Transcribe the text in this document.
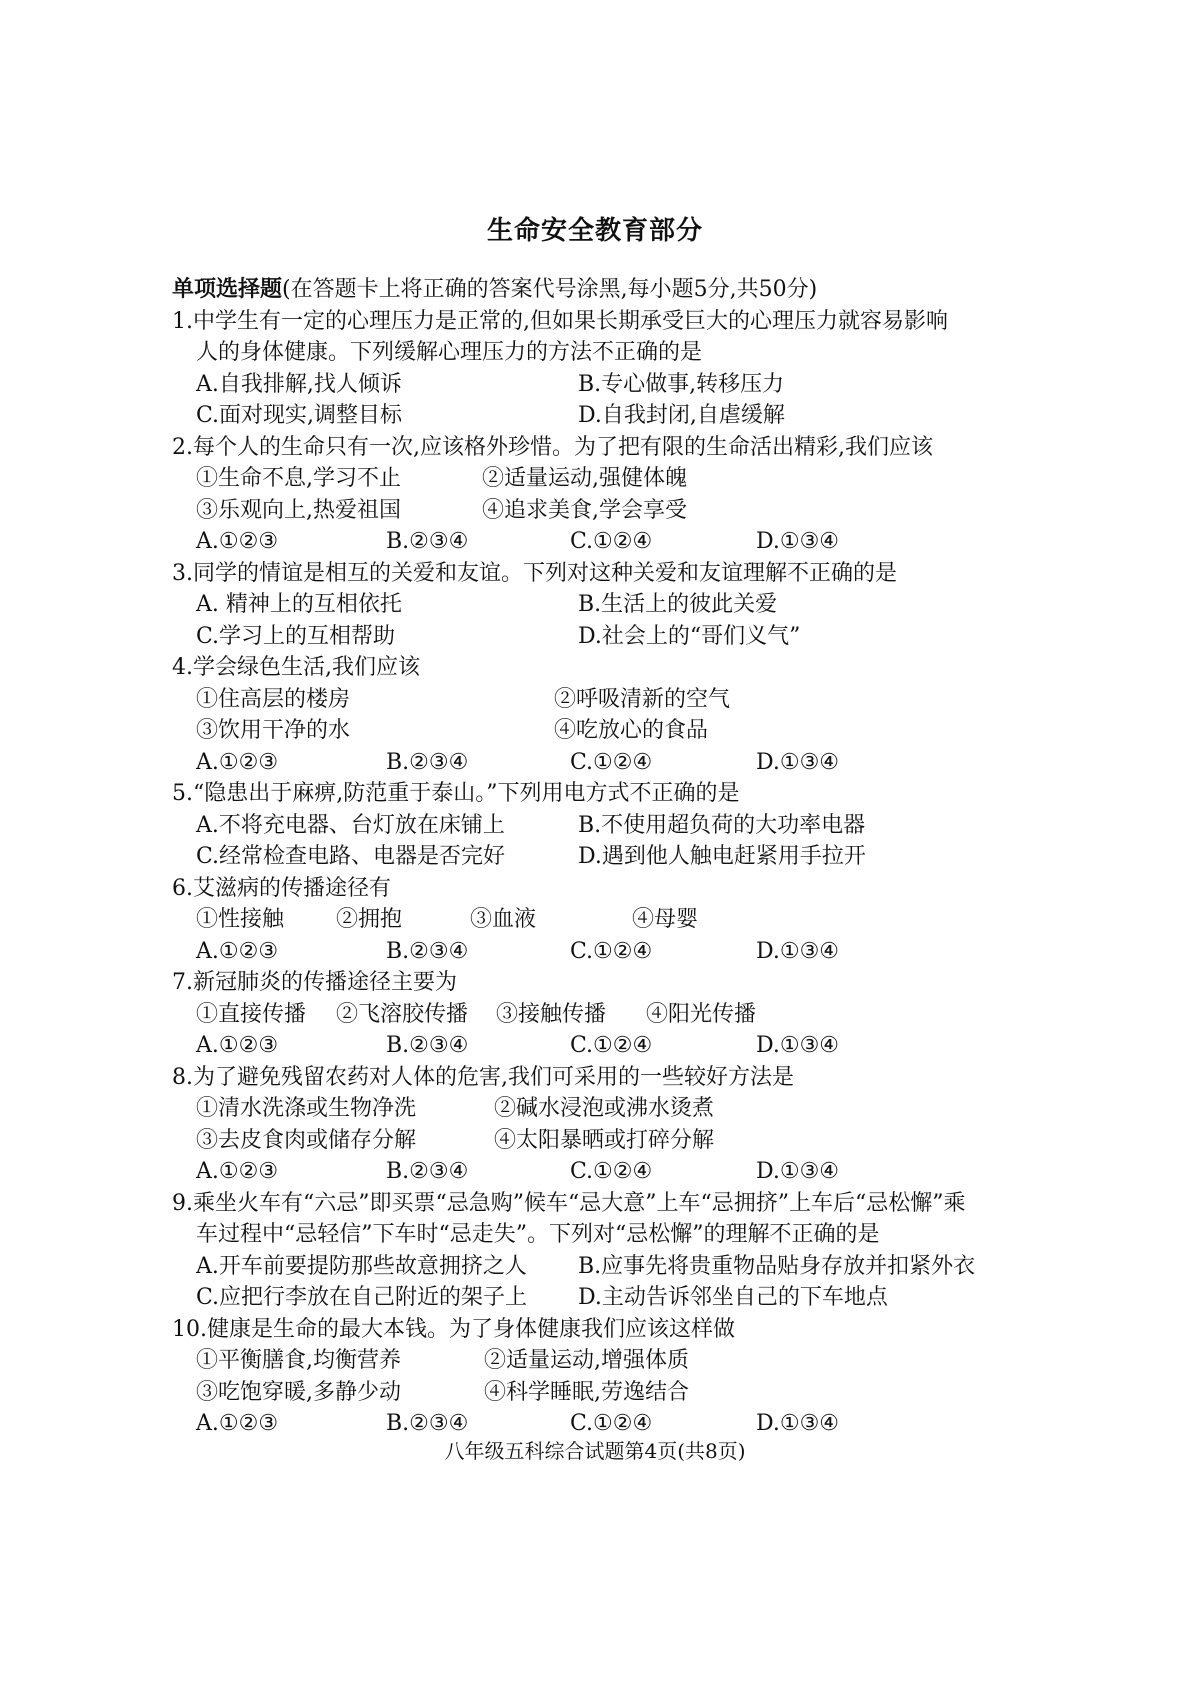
生命安全教育部分
单项选择题(在答题卡上将正确的答案代号涂黑,每小题5分,共50分)
1.中学生有一定的心理压力是正常的,但如果长期承受巨大的心理压力就容易影响
人的身体健康。下列缓解心理压力的方法不正确的是
A.自我排解,找人倾诉	B.专心做事,转移压力
C.面对现实,调整目标	D.自我封闭,自虐缓解
2.每个人的生命只有一次,应该格外珍惜。为了把有限的生命活出精彩,我们应该
①生命不息,学习不止	②适量运动,强健体魄
③乐观向上,热爱祖国	④追求美食,学会享受
A.①②③	B.②③④	C.①②④	D.①③④
3.同学的情谊是相互的关爱和友谊。下列对这种关爱和友谊理解不正确的是
A. 精神上的互相依托	B.生活上的彼此关爱
C.学习上的互相帮助	D.社会上的“哥们义气”
4.学会绿色生活,我们应该
①住高层的楼房	②呼吸清新的空气
③饮用干净的水	④吃放心的食品
A.①②③	B.②③④	C.①②④	D.①③④
5.“隐患出于麻痹,防范重于泰山。”下列用电方式不正确的是
A.不将充电器、台灯放在床铺上	B.不使用超负荷的大功率电器
C.经常检查电路、电器是否完好	D.遇到他人触电赶紧用手拉开
6.艾滋病的传播途径有
①性接触 ②拥抱	③血液	④母婴
A.①②③	B.②③④	C.①②④	D.①③④
7.新冠肺炎的传播途径主要为
①直接传播 ②飞溶胶传播 ③接触传播 ④阳光传播
A.①②③	B.②③④	C.①②④	D.①③④
8.为了避免残留农药对人体的危害,我们可采用的一些较好方法是
①清水洗涤或生物净洗	②碱水浸泡或沸水烫煮
③去皮食肉或储存分解	④太阳暴晒或打碎分解
A.①②③	B.②③④	C.①②④	D.①③④
9.乘坐火车有“六忌”即买票“忌急购”候车“忌大意”上车“忌拥挤”上车后“忌松懈”乘
车过程中“忌轻信”下车时“忌走失”。下列对“忌松懈”的理解不正确的是
A.开车前要提防那些故意拥挤之人 B.应事先将贵重物品贴身存放并扣紧外衣
C.应把行李放在自己附近的架子上 D.主动告诉邻坐自己的下车地点
10.健康是生命的最大本钱。为了身体健康我们应该这样做
①平衡膳食,均衡营养	②适量运动,增强体质
③吃饱穿暖,多静少动	④科学睡眠,劳逸结合
A.①②③	B.②③④	C.①②④	D.①③④
八年级五科综合试题第4页(共8页)
